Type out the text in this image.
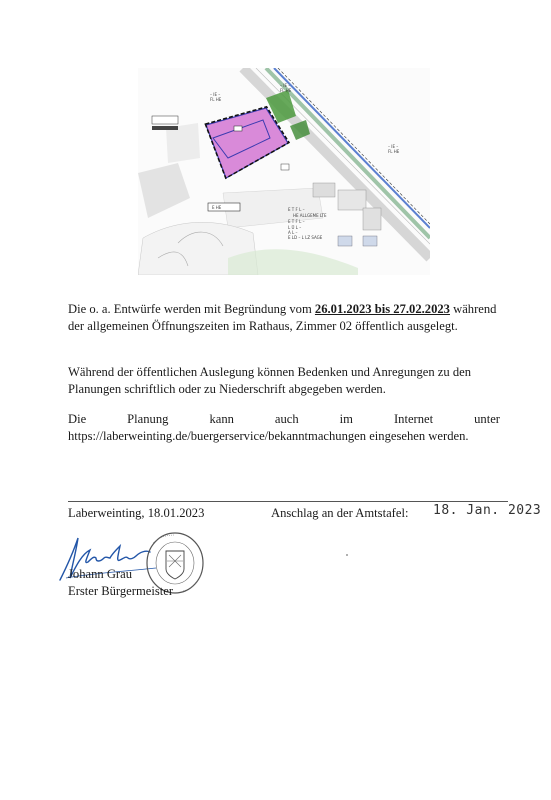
– IE –
FL HE
– IE –
FL HE
– IE –
FL HE
E HE	E T F L –
HE ALLGEME LTE
E T F L –
L Ü L –
A L –
E LD – L LZ SAGE

Die o. a. Entwürfe werden mit Begründung vom 26.01.2023 bis 27.02.2023 während der allgemeinen Öffnungszeiten im Rathaus, Zimmer 02 öffentlich ausgelegt.

Während der öffentlichen Auslegung können Bedenken und Anregungen zu den Planungen schriftlich oder zu Niederschrift abgegeben werden.

Die	Planung	kann	auch	im	Internet	unter
https://laberweinting.de/buergerservice/bekanntmachungen eingesehen werden.
Laberweinting, 18.01.2023	Anschlag an der Amtstafel: 18. Jan. 2023
Johann Grau
Erster Bürgermeister
